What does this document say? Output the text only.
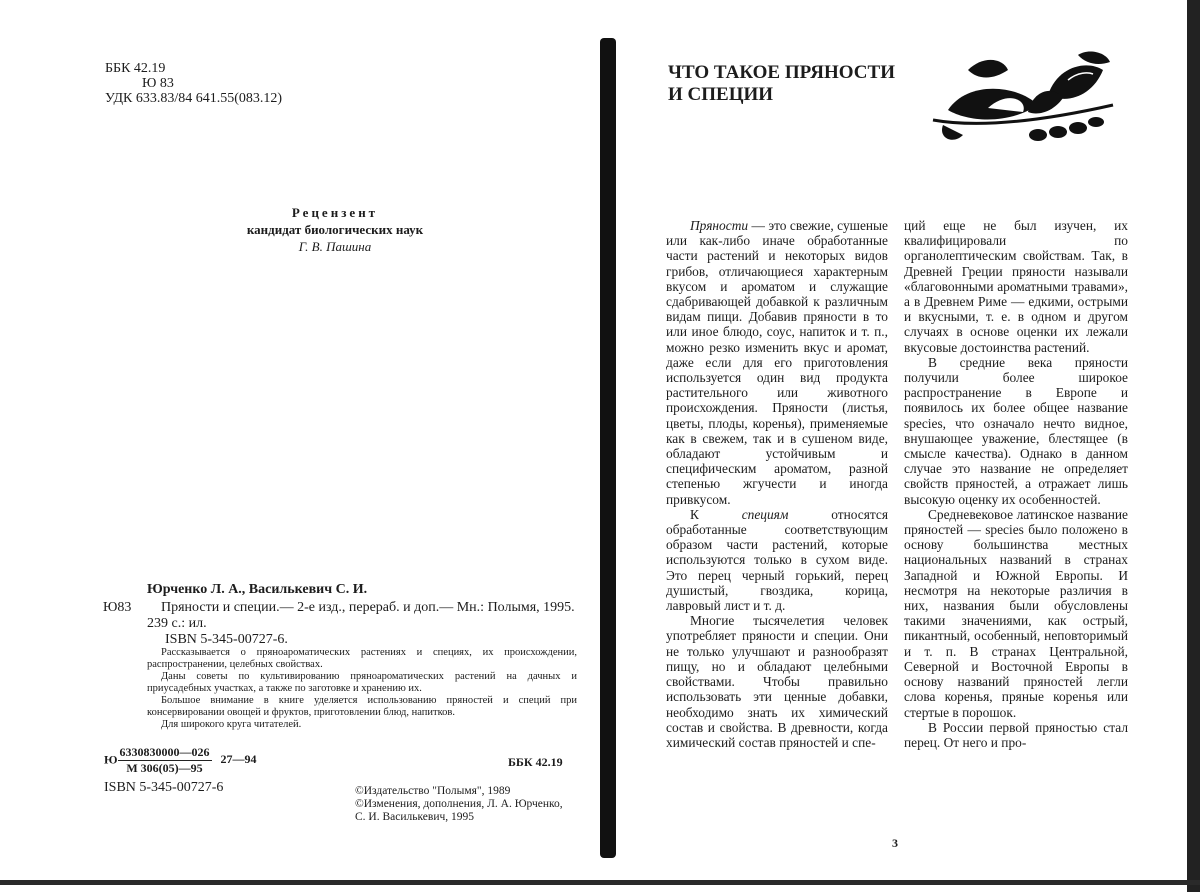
ББК 42.19
Ю 83
УДК 633.83/84 641.55(083.12)
Рецензент
кандидат биологических наук
Г. В. Пашина
Юрченко Л. А., Василькевич С. И.
Ю83	Пряности и специи.— 2-е изд., перераб. и доп.— Мн.: Полымя, 1995. 239 с.: ил.
ISBN 5-345-00727-6.

Рассказывается о пряноароматических растениях и специях, их происхождении, распространении, целебных свойствах.

Даны советы по культивированию пряноароматических растений на дачных и приусадебных участках, а также по заготовке и хранению их.

Большое внимание в книге уделяется использованию пряностей и специй при консервировании овощей и фруктов, приготовлении блюд, напитков.

Для широкого круга читателей.

Ю $\frac{6330830000—026}{М 306(05)—95}$ 27—94	ББК 42.19
ISBN 5-345-00727-6	©Издательство "Полымя", 1989
©Изменения, дополнения, Л. А. Юрченко, С. И. Василькевич, 1995
ЧТО ТАКОЕ ПРЯНОСТИ
И СПЕЦИИ

Пряности — это свежие, сушеные или как-либо иначе обработанные части растений и некоторых видов грибов, отличающиеся характерным вкусом и ароматом и служащие сдабривающей добавкой к различным видам пищи. Добавив пряности в то или иное блюдо, соус, напиток и т. п., можно резко изменить вкус и аромат, даже если для его приготовления используется один вид продукта растительного или животного происхождения. Пряности (листья, цветы, плоды, коренья), применяемые как в свежем, так и в сушеном виде, обладают устойчивым и специфическим ароматом, разной степенью жгучести и иногда привкусом.

К специям относятся обработанные соответствующим образом части растений, которые используются только в сухом виде. Это перец черный горький, перец душистый, гвоздика, корица, лавровый лист и т. д.

Многие тысячелетия человек употребляет пряности и специи. Они не только улучшают и разнообразят пищу, но и обладают целебными свойствами. Чтобы правильно использовать эти ценные добавки, необходимо знать их химический состав и свойства. В древности, когда химический состав пряностей и спе-

ций еще не был изучен, их квалифицировали по органолептическим свойствам. Так, в Древней Греции пряности называли «благовонными ароматными травами», а в Древнем Риме — едкими, острыми и вкусными, т. е. в одном и другом случаях в основе оценки их лежали вкусовые достоинства растений.

В средние века пряности получили более широкое распространение в Европе и появилось их более общее название species, что означало нечто видное, внушающее уважение, блестящее (в смысле качества). Однако в данном случае это название не определяет свойств пряностей, а отражает лишь высокую оценку их особенностей.

Средневековое латинское название пряностей — species было положено в основу большинства местных национальных названий в странах Западной и Южной Европы. И несмотря на некоторые различия в них, названия были обусловлены такими значениями, как острый, пикантный, особенный, неповторимый и т. п. В странах Центральной, Северной и Восточной Европы в основу названий пряностей легли слова коренья, пряные коренья или стертые в порошок.

В России первой пряностью стал перец. От него и про-

3
